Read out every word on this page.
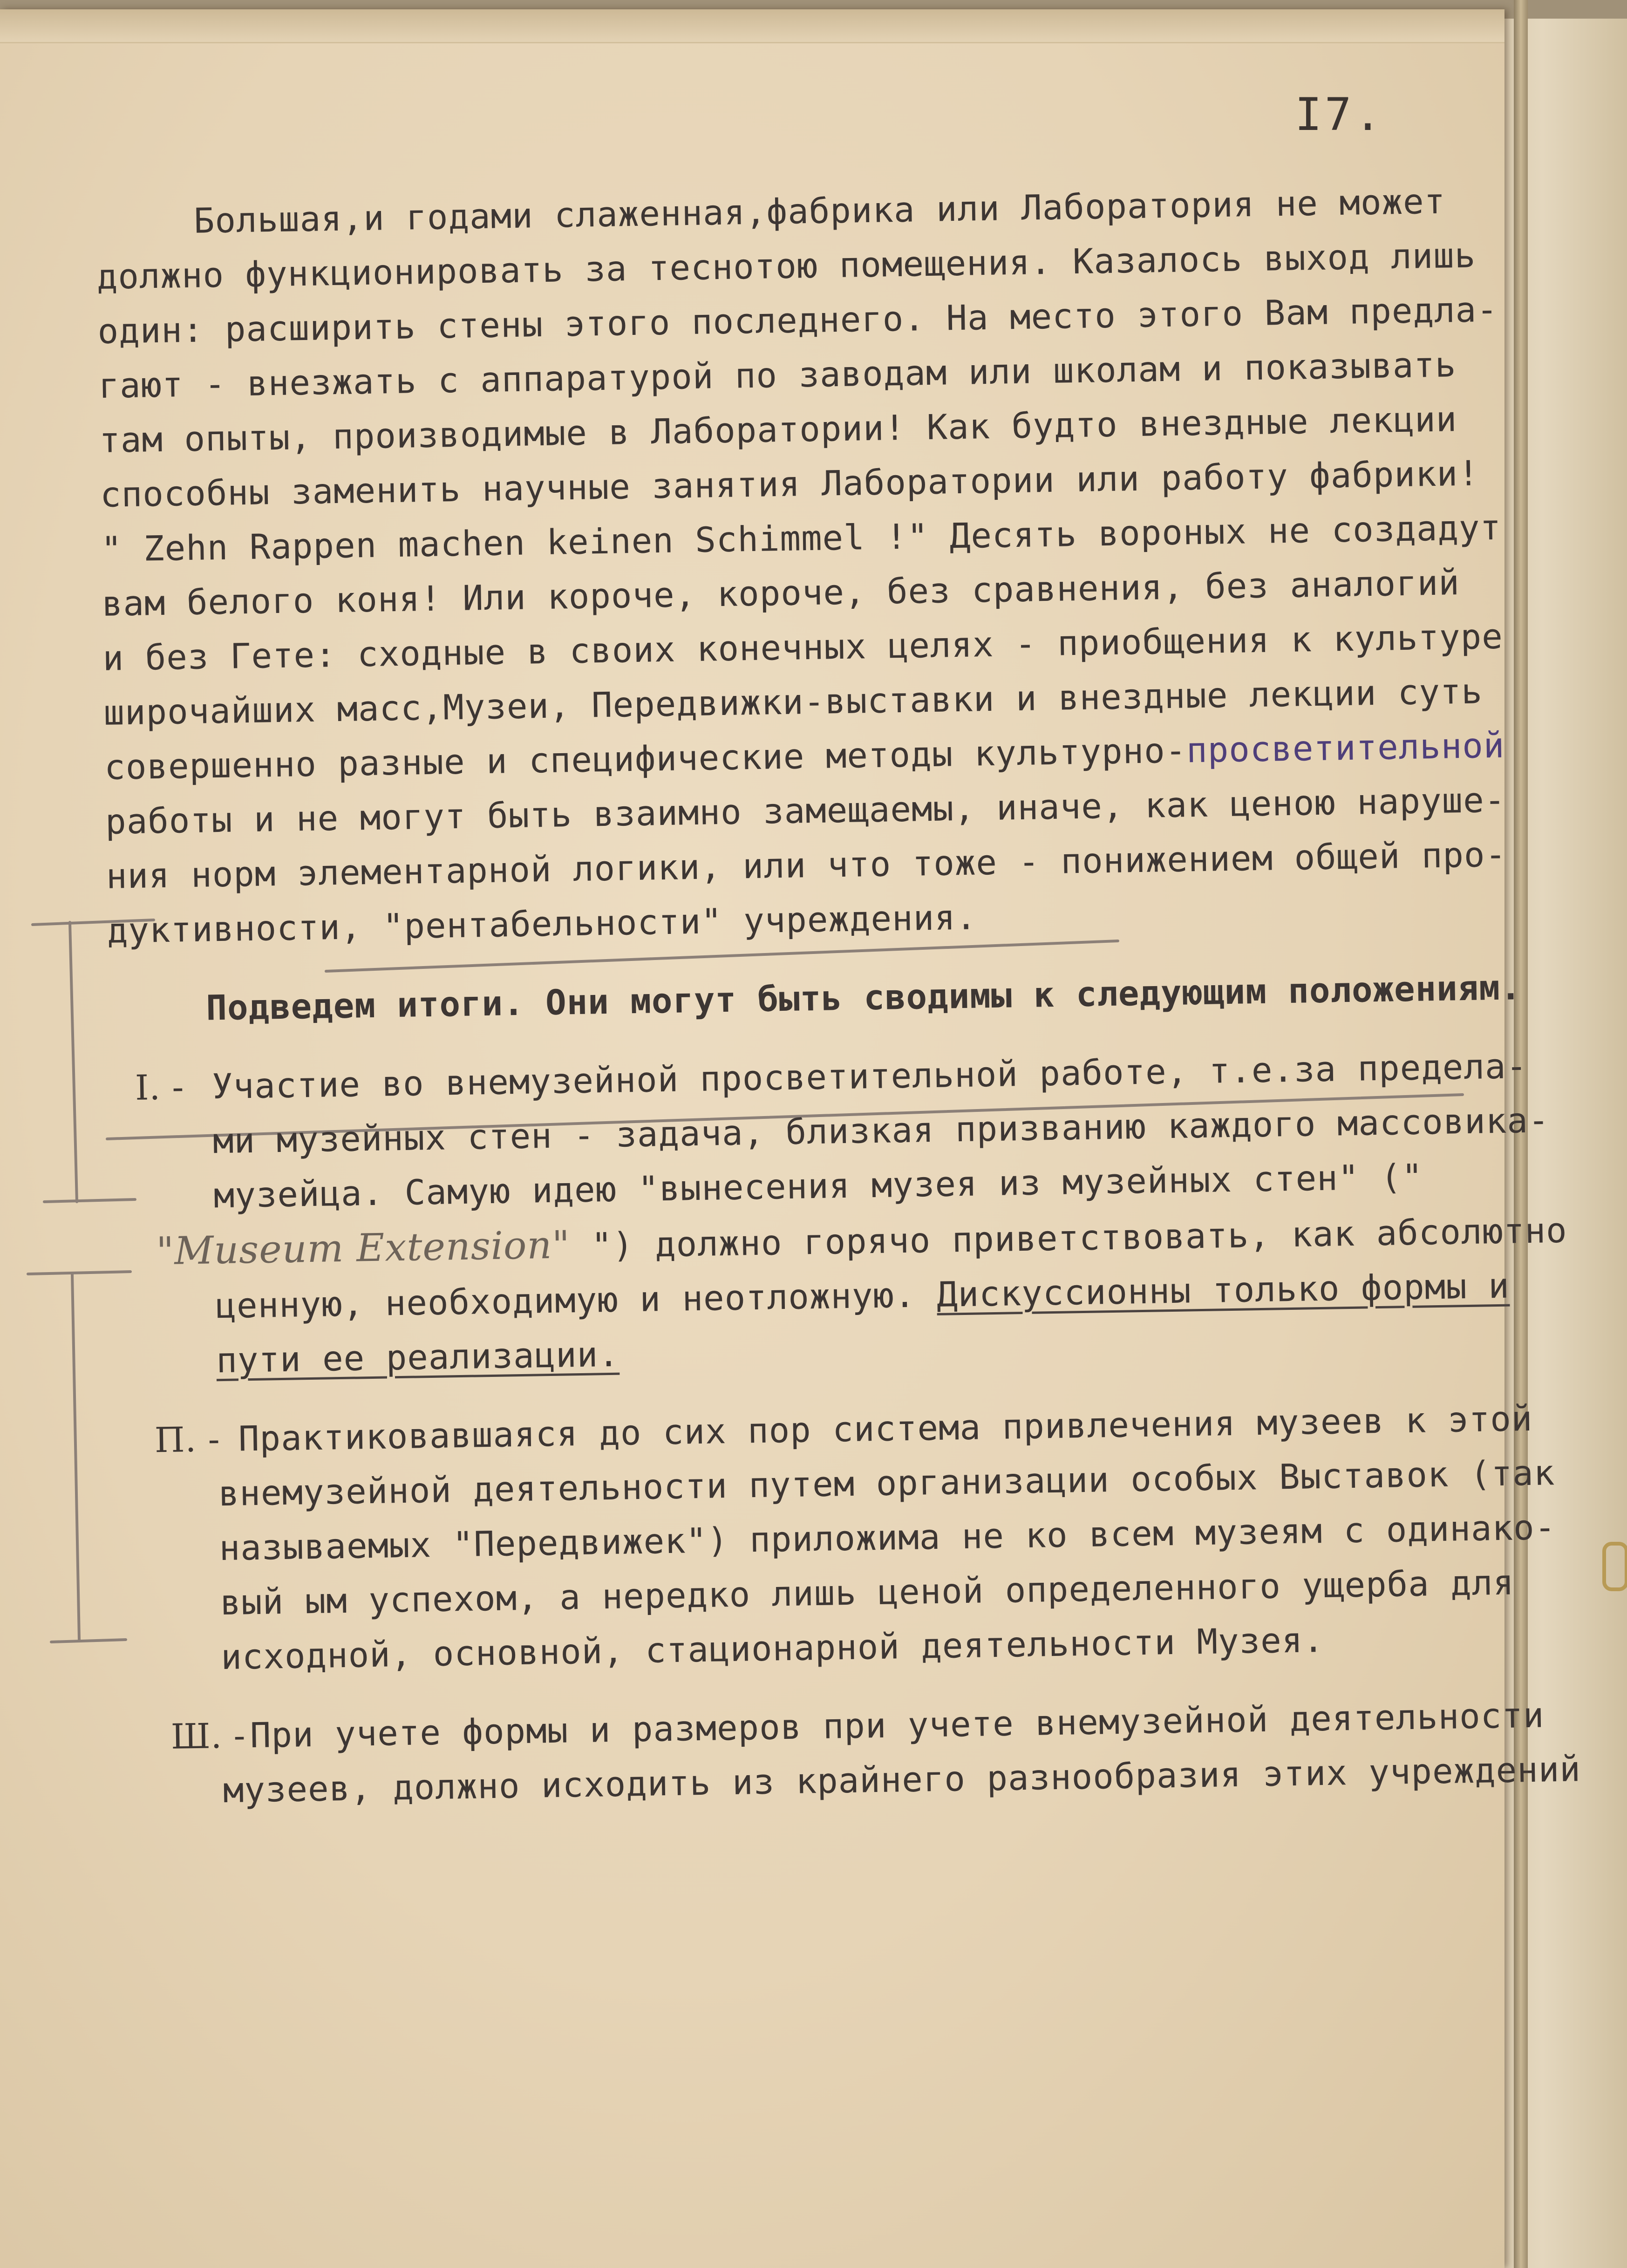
I7.
Большая,и годами слаженная,фабрика или Лаборатория не может
должно функционировать за теснотою помещения. Казалось выход лишь
один: расширить стены этого последнего. На место этого Вам предла-
гают - внезжать с аппаратурой по заводам или школам и показывать
там опыты, производимые в Лаборатории! Как будто внездные лекции
способны заменить научные занятия Лаборатории или работу фабрики!
" Zehn Rappen machen keinen Schimmel !" Десять вороных не создадут
вам белого коня! Или короче, короче, без сравнения, без аналогий
и без Гете: сходные в своих конечных целях - приобщения к культуре
широчайших масс,Музеи, Передвижки-выставки и внездные лекции суть
совершенно разные и специфические методы культурно-просветительной
работы и не могут быть взаимно замещаемы, иначе, как ценою наруше-
ния норм элементарной логики, или что тоже - понижением общей про-
дуктивности, "рентабельности" учреждения.
Подведем итоги. Они могут быть сводимы к следующим положениям.
I. - Участие во внемузейной просветительной работе, т.е.за предела-
ми музейных стен - задача, близкая призванию каждого массовика-
музейца. Самую идею "вынесения музея из музейных стен" ("
"Museum Extension" ") должно горячо приветствовать, как абсолютно
ценную, необходимую и неотложную. Дискуссионны только формы и
пути ее реализации.
П. - Практиковавшаяся до сих пор система привлечения музеев к этой
внемузейной деятельности путем организации особых Выставок (так
называемых "Передвижек") приложима не ко всем музеям с одинако-
вый ым успехом, а нередко лишь ценой определенного ущерба для
исходной, основной, стационарной деятельности Музея.
Ш. - При учете формы и размеров при учете внемузейной деятельности
музеев, должно исходить из крайнего разнообразия этих учреждений
